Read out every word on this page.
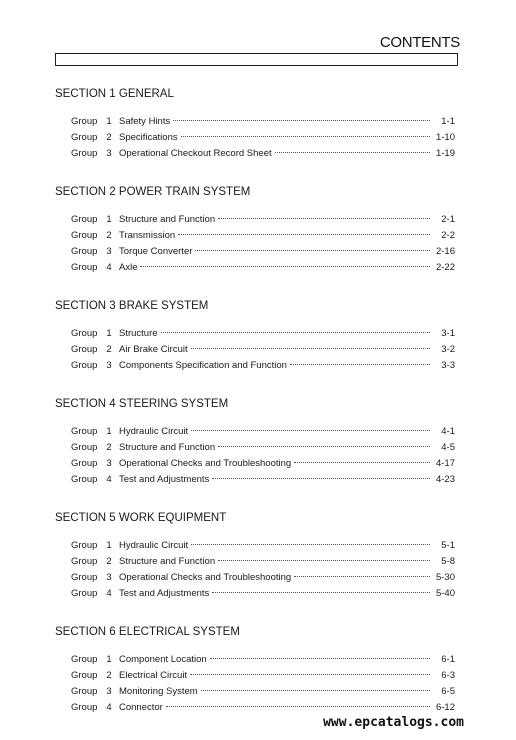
CONTENTS
SECTION 1 GENERAL
Group 1 Safety Hints	1-1
Group 2 Specifications	1-10
Group 3 Operational Checkout Record Sheet	1-19
SECTION 2 POWER TRAIN SYSTEM
Group 1 Structure and Function	2-1
Group 2 Transmission	2-2
Group 3 Torque Converter	2-16
Group 4 Axle	2-22
SECTION 3 BRAKE SYSTEM
Group 1 Structure	3-1
Group 2 Air Brake Circuit	3-2
Group 3 Components Specification and Function	3-3
SECTION 4 STEERING SYSTEM
Group 1 Hydraulic Circuit	4-1
Group 2 Structure and Function	4-5
Group 3 Operational Checks and Troubleshooting	4-17
Group 4 Test and Adjustments	4-23
SECTION 5 WORK EQUIPMENT
Group 1 Hydraulic Circuit	5-1
Group 2 Structure and Function	5-8
Group 3 Operational Checks and Troubleshooting	5-30
Group 4 Test and Adjustments	5-40
SECTION 6 ELECTRICAL SYSTEM
Group 1 Component Location	6-1
Group 2 Electrical Circuit	6-3
Group 3 Monitoring System	6-5
Group 4 Connector	6-12
www.epcatalogs.com
